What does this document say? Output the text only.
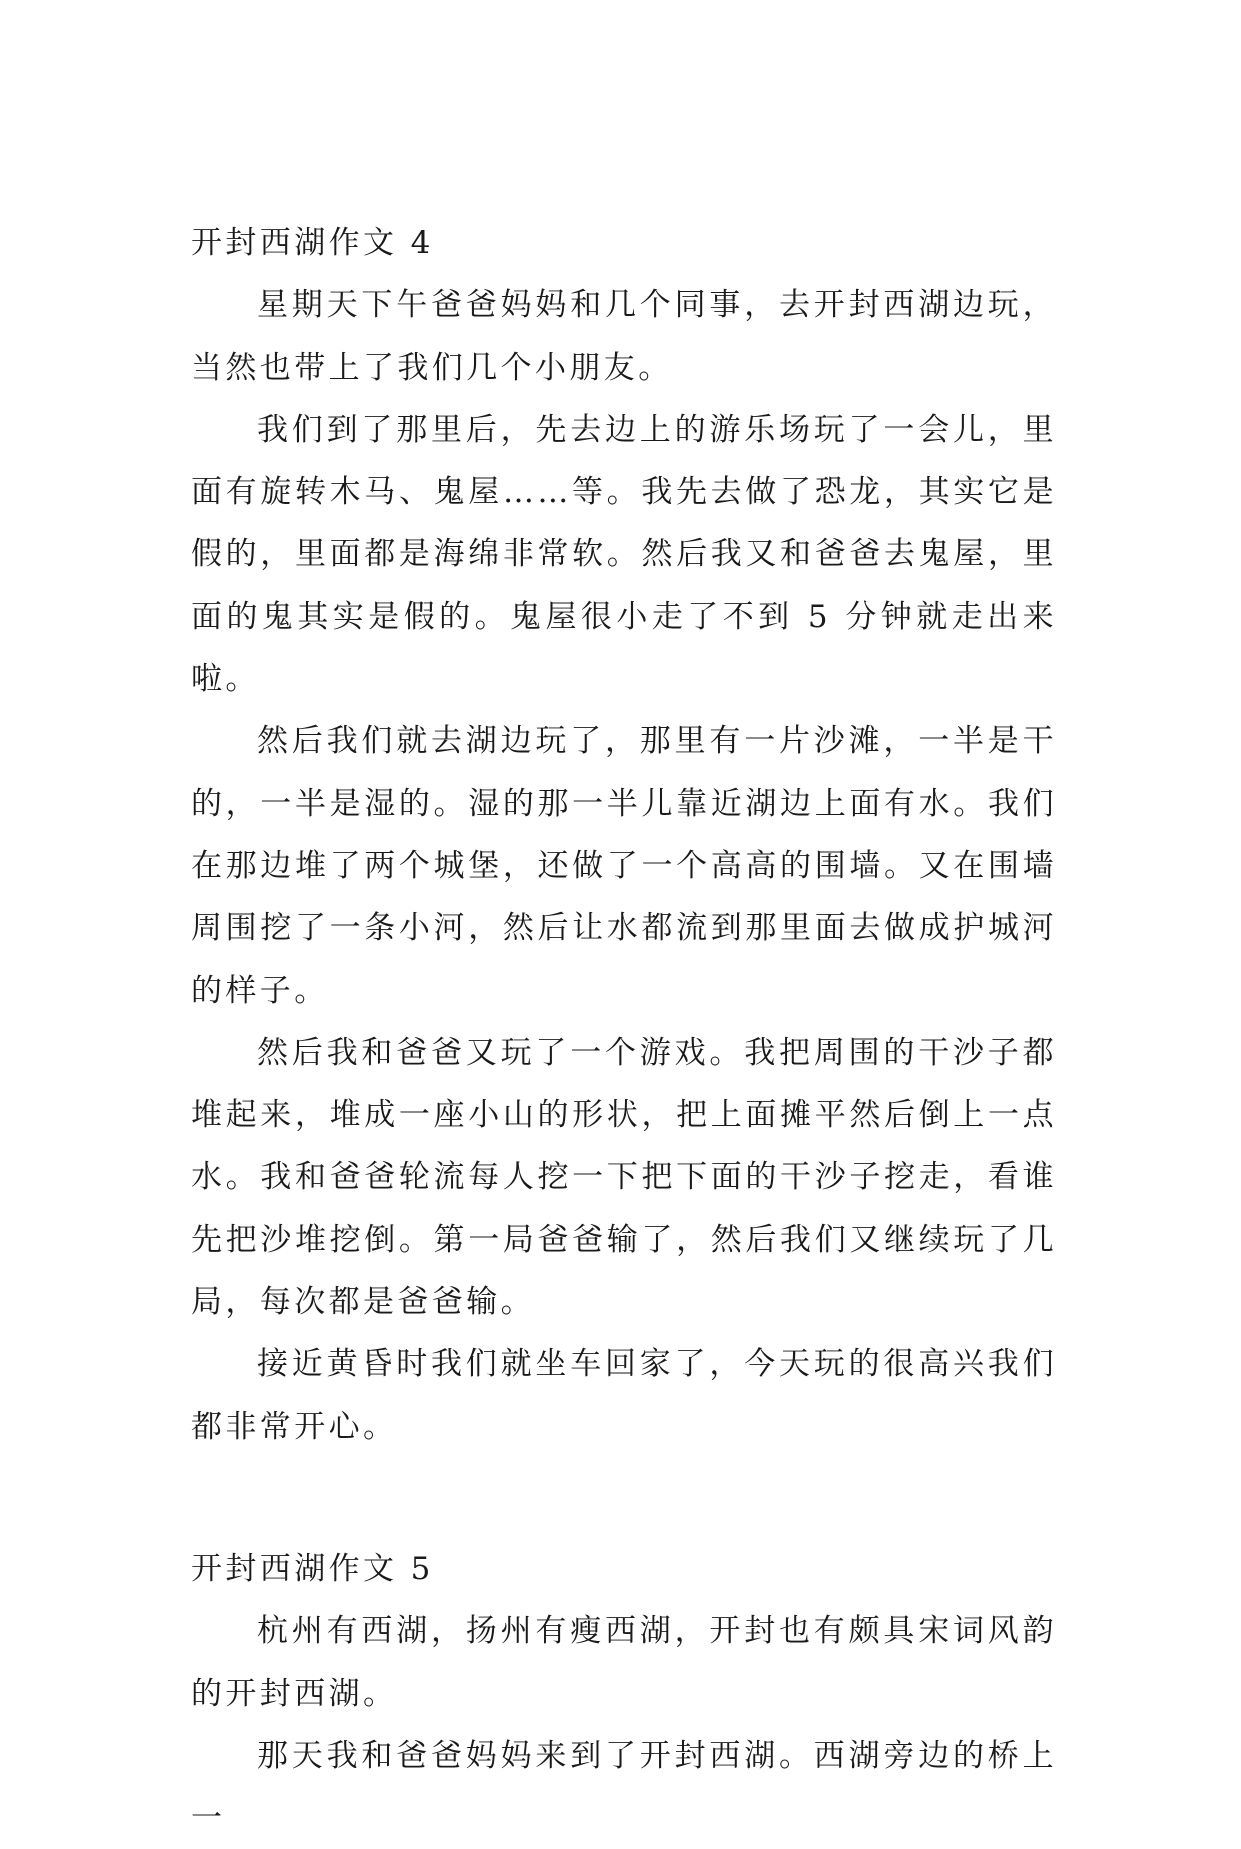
开封西湖作文 4

星期天下午爸爸妈妈和几个同事，去开封西湖边玩，当然也带上了我们几个小朋友。

我们到了那里后，先去边上的游乐场玩了一会儿，里面有旋转木马、鬼屋……等。我先去做了恐龙，其实它是假的，里面都是海绵非常软。然后我又和爸爸去鬼屋，里面的鬼其实是假的。鬼屋很小走了不到 5 分钟就走出来啦。

然后我们就去湖边玩了，那里有一片沙滩，一半是干的，一半是湿的。湿的那一半儿靠近湖边上面有水。我们在那边堆了两个城堡，还做了一个高高的围墙。又在围墙周围挖了一条小河，然后让水都流到那里面去做成护城河的样子。

然后我和爸爸又玩了一个游戏。我把周围的干沙子都堆起来，堆成一座小山的形状，把上面摊平然后倒上一点水。我和爸爸轮流每人挖一下把下面的干沙子挖走，看谁先把沙堆挖倒。第一局爸爸输了，然后我们又继续玩了几局，每次都是爸爸输。

接近黄昏时我们就坐车回家了，今天玩的很高兴我们都非常开心。

开封西湖作文 5

杭州有西湖，扬州有瘦西湖，开封也有颇具宋词风韵的开封西湖。

那天我和爸爸妈妈来到了开封西湖。西湖旁边的桥上一
